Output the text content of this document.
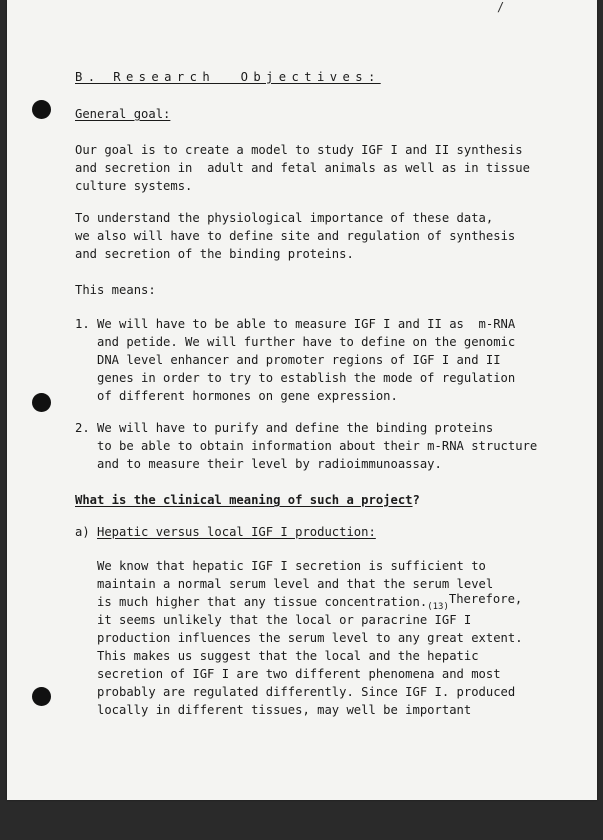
/

B. Research  Objectives:

General goal:

Our goal is to create a model to study IGF I and II synthesis

and secretion in  adult and fetal animals as well as in tissue

culture systems.

To understand the physiological importance of these data,

we also will have to define site and regulation of synthesis

and secretion of the binding proteins.

This means:

1.

We will have to be able to measure IGF I and II as  m-RNA

and petide. We will further have to define on the genomic

DNA level enhancer and promoter regions of IGF I and II

genes in order to try to establish the mode of regulation

of different hormones on gene expression.

2.

We will have to purify and define the binding proteins

to be able to obtain information about their m-RNA structure

and to measure their level by radioimmunoassay.

What is the clinical meaning of such a project?

a)

Hepatic versus local IGF I production:

We know that hepatic IGF I secretion is sufficient to

maintain a normal serum level and that the serum level

is much higher that any tissue $concentration._{(13)}Therefore$,

it seems unlikely that the local or paracrine IGF I

production influences the serum level to any great extent.

This makes us suggest that the local and the hepatic

secretion of IGF I are two different phenomena and most

probably are regulated differently. Since IGF I. produced

locally in different tissues, may well be important
